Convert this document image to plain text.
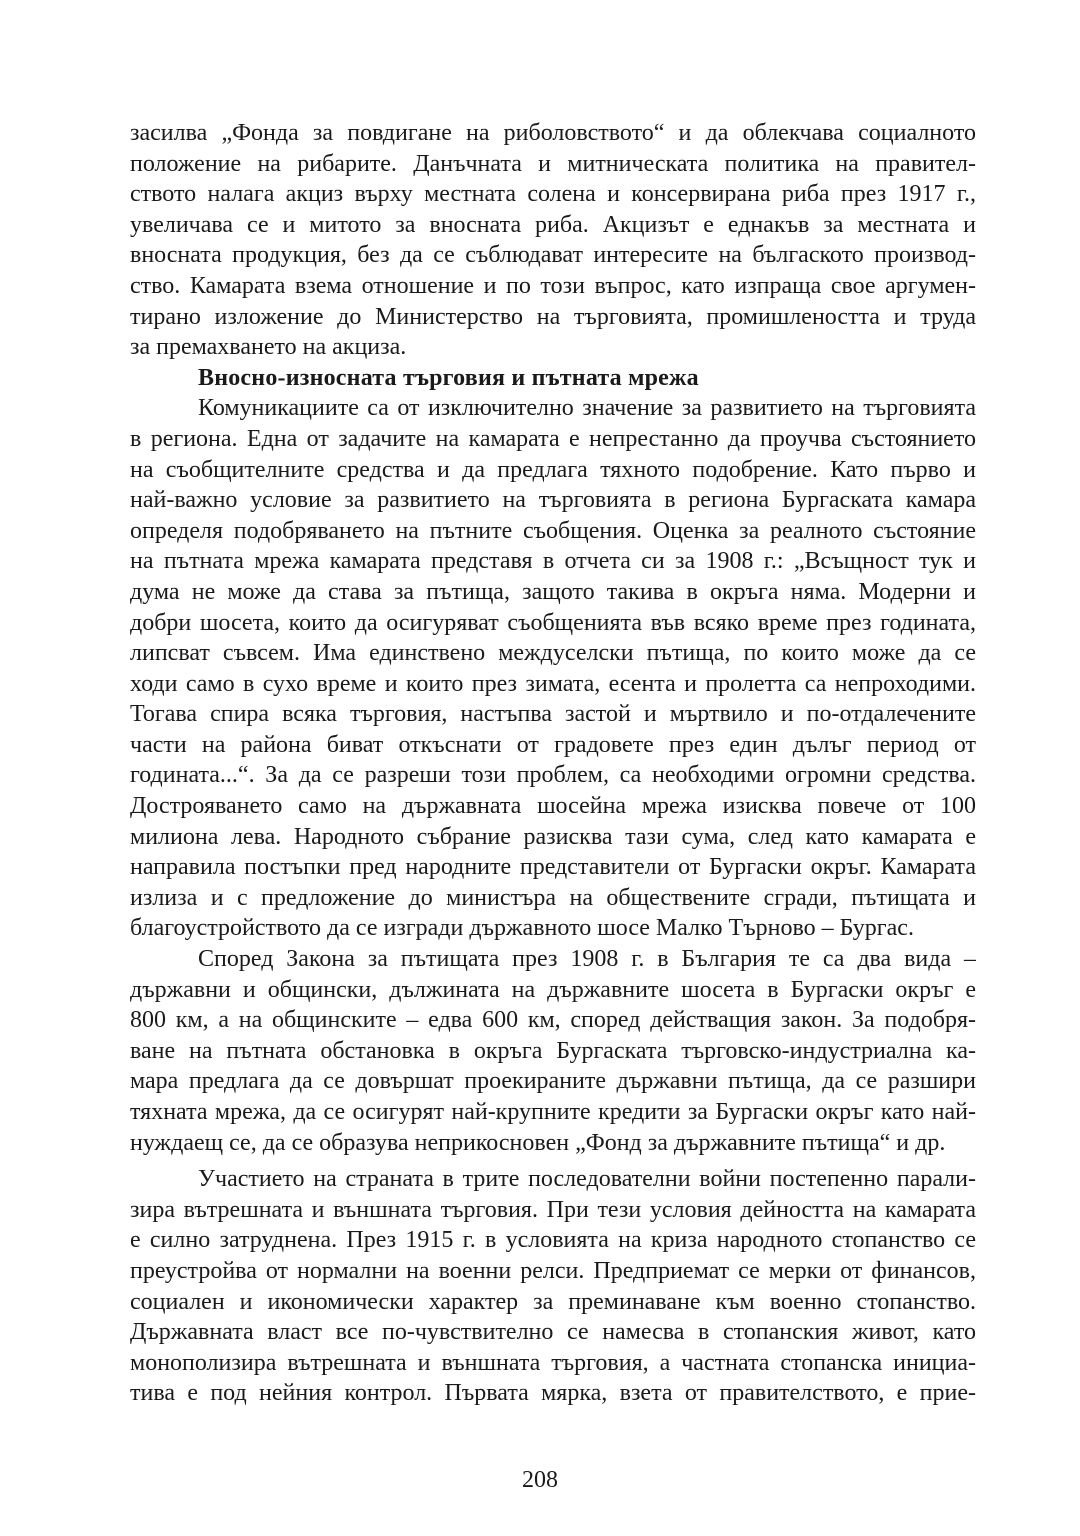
засилва „Фонда за повдигане на риболовството“ и да облекчава социалното
положение на рибарите. Данъчната и митническата политика на правител-
ството налага акциз върху местната солена и консервирана риба през 1917 г.,
увеличава се и митото за вносната риба. Акцизът е еднакъв за местната и
вносната продукция, без да се съблюдават интересите на бългаското производ-
ство. Камарата взема отношение и по този въпрос, като изпраща свое аргумен-
тирано изложение до Министерство на търговията, промишлеността и труда
за премахването на акциза.
Вносно-износната търговия и пътната мрежа
Комуникациите са от изключително значение за развитието на търговията
в региона. Една от задачите на камарата е непрестанно да проучва състоянието
на съобщителните средства и да предлага тяхното подобрение. Като първо и
най-важно условие за развитието на търговията в региона Бургаската камара
определя подобряването на пътните съобщения. Оценка за реалното състояние
на пътната мрежа камарата представя в отчета си за 1908 г.: „Всъщност тук и
дума не може да става за пътища, защото такива в окръга няма. Модерни и
добри шосета, които да осигуряват съобщенията във всяко време през годината,
липсват съвсем. Има единствено междуселски пътища, по които може да се
ходи само в сухо време и които през зимата, есента и пролетта са непроходими.
Тогава спира всяка търговия, настъпва застой и мъртвило и по-отдалечените
части на района биват откъснати от градовете през един дълъг период от
годината...“. За да се разреши този проблем, са необходими огромни средства.
Дострояването само на държавната шосейна мрежа изисква повече от 100
милиона лева. Народното събрание разисква тази сума, след като камарата е
направила постъпки пред народните представители от Бургаски окръг. Камарата
излиза и с предложение до министъра на обществените сгради, пътищата и
благоустройството да се изгради държавното шосе Малко Търново – Бургас.
Според Закона за пътищата през 1908 г. в България те са два вида –
държавни и общински, дължината на държавните шосета в Бургаски окръг е
800 км, а на общинските – едва 600 км, според действащия закон. За подобря-
ване на пътната обстановка в окръга Бургаската търговско-индустриална ка-
мара предлага да се довършат проекираните държавни пътища, да се разшири
тяхната мрежа, да се осигурят най-крупните кредити за Бургаски окръг като най-
нуждаещ се, да се образува неприкосновен „Фонд за държавните пътища“ и др.
Участието на страната в трите последователни войни постепенно парали-
зира вътрешната и външната търговия. При тези условия дейността на камарата
е силно затруднена. През 1915 г. в условията на криза народното стопанство се
преустройва от нормални на военни релси. Предприемат се мерки от финансов,
социален и икономически характер за преминаване към военно стопанство.
Държавната власт все по-чувствително се намесва в стопанския живот, като
монополизира вътрешната и външната търговия, а частната стопанска инициа-
тива е под нейния контрол. Първата мярка, взета от правителството, е прие-
208
